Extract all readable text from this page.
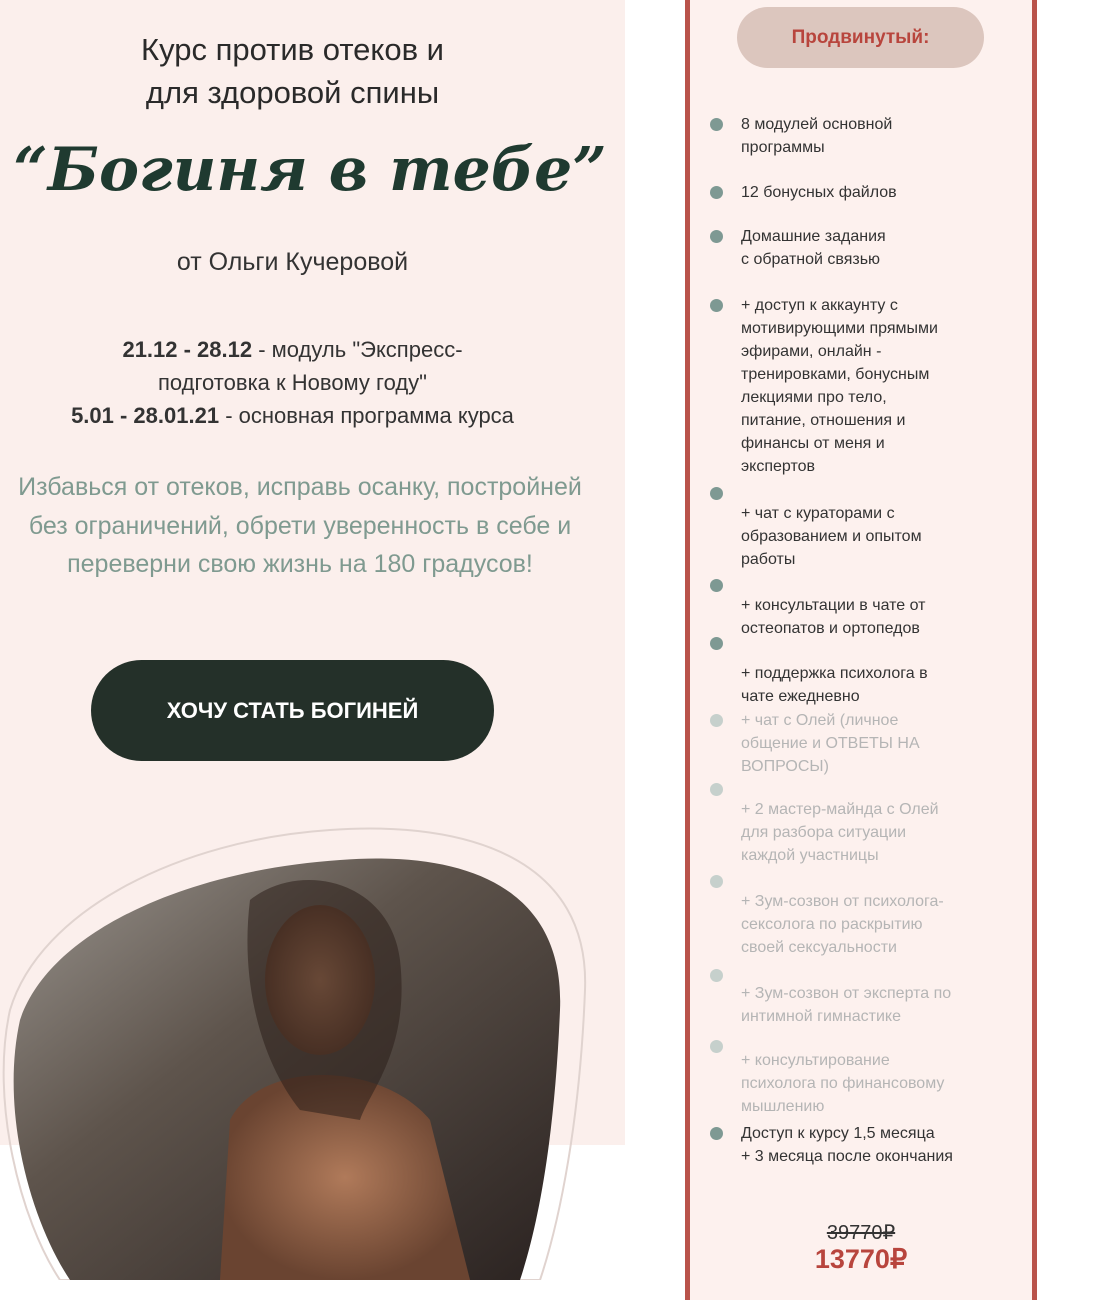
Курс против отеков и
для здоровой спины
“Богиня в тебе”
от Ольги Кучеровой
21.12 - 28.12 - модуль "Экспресс-
подготовка к Новому году"
5.01 - 28.01.21 - основная программа курса
Избавься от отеков, исправь осанку, постройней без ограничений, обрети уверенность в себе и переверни свою жизнь на 180 градусов!
ХОЧУ СТАТЬ БОГИНЕЙ
Продвинутый:
8 модулей основной
программы
12 бонусных файлов
Домашние задания
с обратной связью
+ доступ к аккаунту с
мотивирующими прямыми
эфирами, онлайн -
тренировками, бонусным
лекциями про тело,
питание, отношения и
финансы от меня и
экспертов
+ чат с кураторами с
образованием и опытом
работы
+ консультации в чате от
остеопатов и ортопедов
+ поддержка психолога в
чате ежедневно
+ чат с Олей (личное
общение и ОТВЕТЫ НА
ВОПРОСЫ)
+ 2 мастер-майнда с Олей
для разбора ситуации
каждой участницы
+ Зум-созвон от психолога-
сексолога по раскрытию
своей сексуальности
+ Зум-созвон от эксперта по
интимной гимнастике
+ консультирование
психолога по финансовому
мышлению
Доступ к курсу 1,5 месяца
+ 3 месяца после окончания
39770₽
13770₽
